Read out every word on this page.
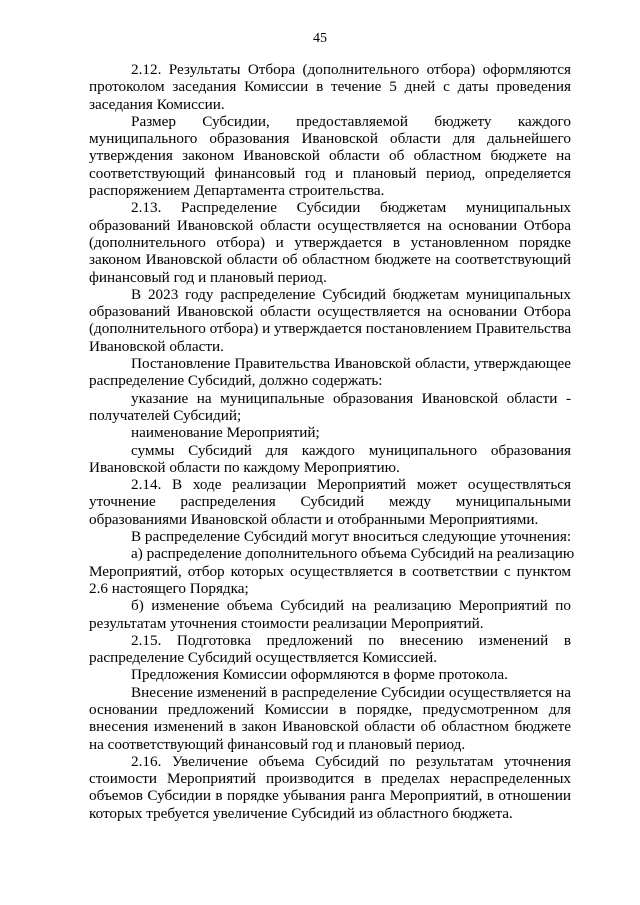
45
2.12. Результаты Отбора (дополнительного отбора) оформляются
протоколом заседания Комиссии в течение 5 дней с даты проведения
заседания Комиссии.
Размер Субсидии, предоставляемой бюджету каждого
муниципального образования Ивановской области для дальнейшего
утверждения законом Ивановской области об областном бюджете на
соответствующий финансовый год и плановый период, определяется
распоряжением Департамента строительства.
2.13. Распределение Субсидии бюджетам муниципальных
образований Ивановской области осуществляется на основании Отбора
(дополнительного отбора) и утверждается в установленном порядке
законом Ивановской области об областном бюджете на соответствующий
финансовый год и плановый период.
В 2023 году распределение Субсидий бюджетам муниципальных
образований Ивановской области осуществляется на основании Отбора
(дополнительного отбора) и утверждается постановлением Правительства
Ивановской области.
Постановление Правительства Ивановской области, утверждающее
распределение Субсидий, должно содержать:
указание на муниципальные образования Ивановской области -
получателей Субсидий;
наименование Мероприятий;
суммы Субсидий для каждого муниципального образования
Ивановской области по каждому Мероприятию.
2.14. В ходе реализации Мероприятий может осуществляться
уточнение распределения Субсидий между муниципальными
образованиями Ивановской области и отобранными Мероприятиями.
В распределение Субсидий могут вноситься следующие уточнения:
а) распределение дополнительного объема Субсидий на реализацию
Мероприятий, отбор которых осуществляется в соответствии с пунктом
2.6 настоящего Порядка;
б) изменение объема Субсидий на реализацию Мероприятий по
результатам уточнения стоимости реализации Мероприятий.
2.15. Подготовка предложений по внесению изменений в
распределение Субсидий осуществляется Комиссией.
Предложения Комиссии оформляются в форме протокола.
Внесение изменений в распределение Субсидии осуществляется на
основании предложений Комиссии в порядке, предусмотренном для
внесения изменений в закон Ивановской области об областном бюджете
на соответствующий финансовый год и плановый период.
2.16. Увеличение объема Субсидий по результатам уточнения
стоимости Мероприятий производится в пределах нераспределенных
объемов Субсидии в порядке убывания ранга Мероприятий, в отношении
которых требуется увеличение Субсидий из областного бюджета.
